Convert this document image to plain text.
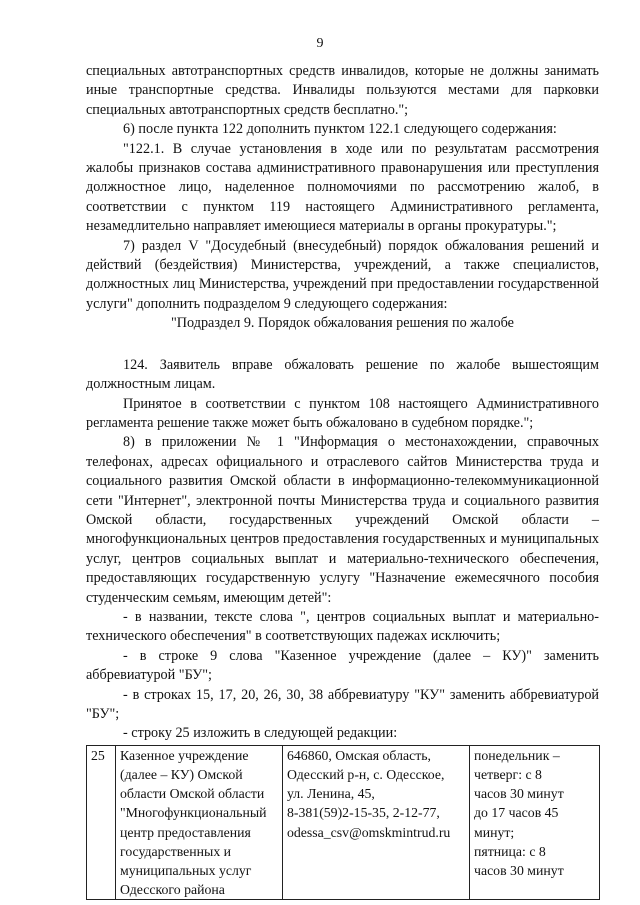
9

специальных автотранспортных средств инвалидов, которые не должны занимать иные транспортные средства. Инвалиды пользуются местами для парковки специальных автотранспортных средств бесплатно.";

6) после пункта 122 дополнить пунктом 122.1 следующего содержания:

"122.1. В случае установления в ходе или по результатам рассмотрения жалобы признаков состава административного правонарушения или преступления должностное лицо, наделенное полномочиями по рассмотрению жалоб, в соответствии с пунктом 119 настоящего Административного регламента, незамедлительно направляет имеющиеся материалы в органы прокуратуры.";

7) раздел V "Досудебный (внесудебный) порядок обжалования решений и действий (бездействия) Министерства, учреждений, а также специалистов, должностных лиц Министерства, учреждений при предоставлении государственной услуги" дополнить подразделом 9 следующего содержания:

"Подраздел 9. Порядок обжалования решения по жалобе

124. Заявитель вправе обжаловать решение по жалобе вышестоящим должностным лицам.

Принятое в соответствии с пунктом 108 настоящего Административного регламента решение также может быть обжаловано в судебном порядке.";

8) в приложении № 1 "Информация о местонахождении, справочных телефонах, адресах официального и отраслевого сайтов Министерства труда и социального развития Омской области в информационно-телекоммуникационной сети "Интернет", электронной почты Министерства труда и социального развития Омской области, государственных учреждений Омской области – многофункциональных центров предоставления государственных и муниципальных услуг, центров социальных выплат и материально-технического обеспечения, предоставляющих государственную услугу "Назначение ежемесячного пособия студенческим семьям, имеющим детей":

- в названии, тексте слова ", центров социальных выплат и материально-технического обеспечения" в соответствующих падежах исключить;

- в строке 9 слова "Казенное учреждение (далее – КУ)" заменить аббревиатурой "БУ";

- в строках 15, 17, 20, 26, 30, 38 аббревиатуру "КУ" заменить аббревиатурой "БУ";

- строку 25 изложить в следующей редакции:

25	Казенное учреждение
(далее – КУ) Омской
области Омской области
"Многофункциональный
центр предоставления
государственных и
муниципальных услуг
Одесского района

646860, Омская область,
Одесский р-н, с. Одесское,
ул. Ленина, 45,
8-381(59)2-15-35, 2-12-77,
odessa_csv@omskmintrud.ru

понедельник –
четверг: с 8
часов 30 минут
до 17 часов 45
минут;
пятница: с 8
часов 30 минут
